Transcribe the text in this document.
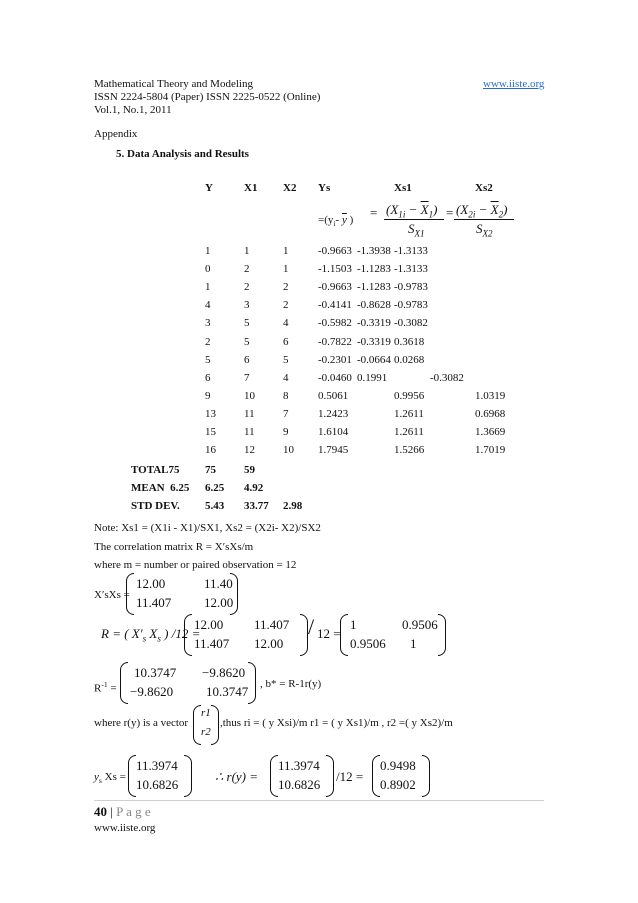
Mathematical Theory and Modeling	www.iiste.org
ISSN 2224-5804 (Paper) ISSN 2225-0522 (Online)
Vol.1, No.1, 2011
Appendix
5. Data Analysis and Results
Y	X1 X2 Ys	Xs1	Xs2
$=(y_i-$ $\overline{y}$ ) = $(X_{1i} - \overline{X}_1)$
$S_{X1}$
= $(X_{2i} - \overline{X}_2)$
$S_{X2}$
1	1	1	-0.9663 -1.3938 -1.3133
0	2	1	-1.1503 -1.1283 -1.3133
1	2	2	-0.9663 -1.1283 -0.9783
4	3	2	-0.4141 -0.8628 -0.9783
3	5	4	-0.5982 -0.3319 -0.3082
2	5	6	-0.7822 -0.3319 0.3618
5	6	5	-0.2301 -0.0664 0.0268
6	7	4	-0.0460 0.1991	-0.3082
9	10	8	0.5061	0.9956	1.0319
13	11	7	1.2423	1.2611	0.6968
15	11	9	1.6104	1.2611	1.3669
16	12	10 1.7945	1.5266	1.7019
TOTAL75 75	59
MEAN 6.25 6.25 4.92
STD DEV. 5.43 33.77 2.98
Note: Xs1 = (X1i - X1)/SX1, Xs2 = (X2i- X2)/SX2
The correlation matrix R = X′sXs/m
where m = number or paired observation = 12
X′sXs =
12.00	11.40
11.407	12.00
R = ( $X'_s$ $X_s$ ) /12 =
12.00 11.407
11.407 12.00
/ 12 =
1	0.9506
0.9506 1
$R^{-1}$ =
10.3747 −9.8620
−9.8620	10.3747 , b* = R-1r(y)
where r(y) is a vector
r1
r2
,thus ri = ( y Xsi)/m r1 = ( y Xs1)/m , r2 =( y Xs2)/m
$y_s$ Xs =
11.3974
10.6826
∴ r(y) =
11.3974
10.6826
/12 =
0.9498
0.8902
40 | P a g e
www.iiste.org
